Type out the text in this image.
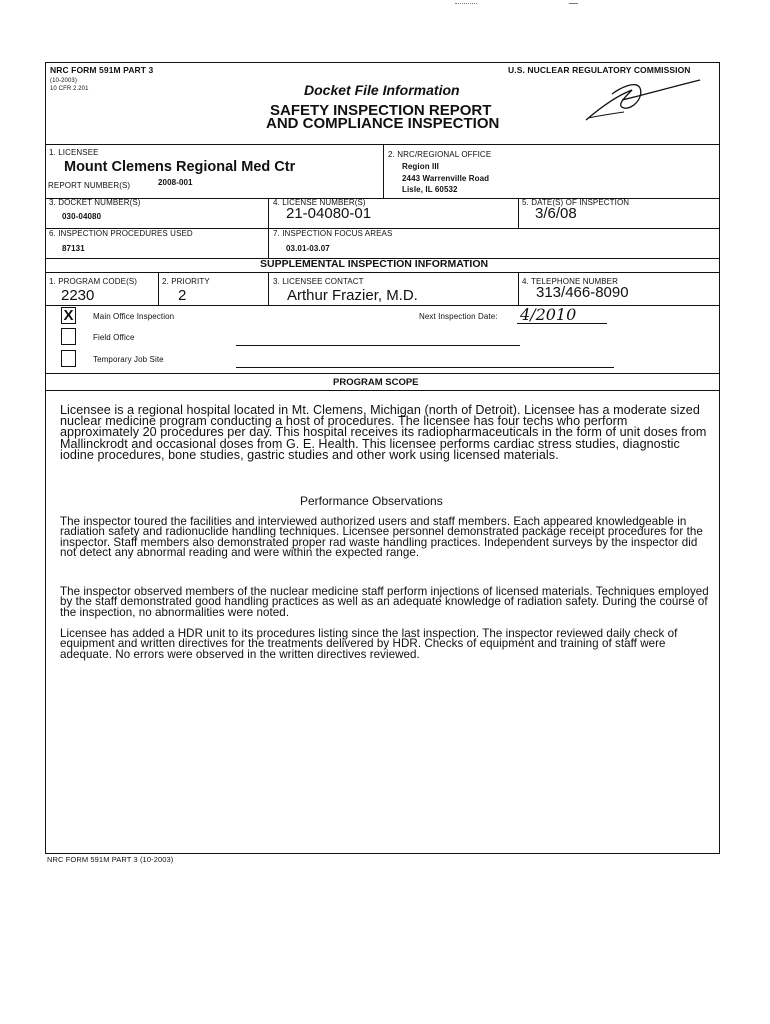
NRC FORM 591M PART 3
(10-2003)
10 CFR 2.201
U.S. NUCLEAR REGULATORY COMMISSION
Docket File Information
SAFETY INSPECTION REPORT
AND COMPLIANCE INSPECTION
1. LICENSEE
Mount Clemens Regional Med Ctr
REPORT NUMBER(S)	2008-001
2. NRC/REGIONAL OFFICE
Region III
2443 Warrenville Road
Lisle, IL 60532
3. DOCKET NUMBER(S)
030-04080
4. LICENSE NUMBER(S)
21-04080-01
5. DATE(S) OF INSPECTION
3/6/08
6. INSPECTION PROCEDURES USED
87131
7. INSPECTION FOCUS AREAS
03.01-03.07
SUPPLEMENTAL INSPECTION INFORMATION
1. PROGRAM CODE(S)
2230
2. PRIORITY
2
3. LICENSEE CONTACT
Arthur Frazier, M.D.
4. TELEPHONE NUMBER
313/466-8090
X	Main Office Inspection	Next Inspection Date: 4/2010
Field Office
Temporary Job Site
PROGRAM SCOPE
Licensee is a regional hospital located in Mt. Clemens, Michigan (north of Detroit). Licensee has a moderate sized nuclear medicine program conducting a host of procedures. The licensee has four techs who perform approximately 20 procedures per day. This hospital receives its radiopharmaceuticals in the form of unit doses from Mallinckrodt and occasional doses from G. E. Health. This licensee performs cardiac stress studies, diagnostic iodine procedures, bone studies, gastric studies and other work using licensed materials.
Performance Observations
The inspector toured the facilities and interviewed authorized users and staff members. Each appeared knowledgeable in radiation safety and radionuclide handling techniques. Licensee personnel demonstrated package receipt procedures for the inspector. Staff members also demonstrated proper rad waste handling practices. Independent surveys by the inspector did not detect any abnormal reading and were within the expected range.
The inspector observed members of the nuclear medicine staff perform injections of licensed materials. Techniques employed by the staff demonstrated good handling practices as well as an adequate knowledge of radiation safety. During the course of the inspection, no abnormalities were noted.
Licensee has added a HDR unit to its procedures listing since the last inspection. The inspector reviewed daily check of equipment and written directives for the treatments delivered by HDR. Checks of equipment and training of staff were adequate. No errors were observed in the written directives reviewed.
NRC FORM 591M PART 3 (10-2003)
